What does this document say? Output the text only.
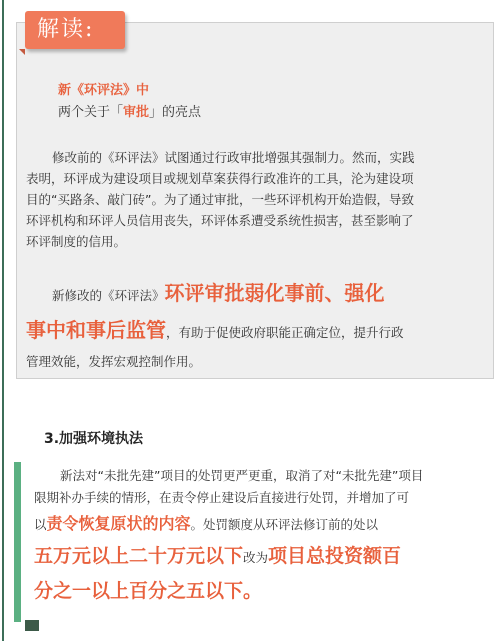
解读:
新《环评法》中
两个关于「审批」的亮点
修改前的《环评法》试图通过行政审批增强其强制力。然而，实践
表明，环评成为建设项目或规划草案获得行政准许的工具，沦为建设项
目的“买路条、敲门砖”。为了通过审批，一些环评机构开始造假，导致
环评机构和环评人员信用丧失，环评体系遭受系统性损害，甚至影响了
环评制度的信用。
新修改的《环评法》环评审批弱化事前、强化
事中和事后监管，有助于促使政府职能正确定位，提升行政
管理效能，发挥宏观控制作用。
3.加强环境执法
新法对“未批先建”项目的处罚更严更重，取消了对“未批先建”项目
限期补办手续的情形，在责令停止建设后直接进行处罚，并增加了可
以责令恢复原状的内容。处罚额度从环评法修订前的处以
五万元以上二十万元以下改为项目总投资额百
分之一以上百分之五以下。
